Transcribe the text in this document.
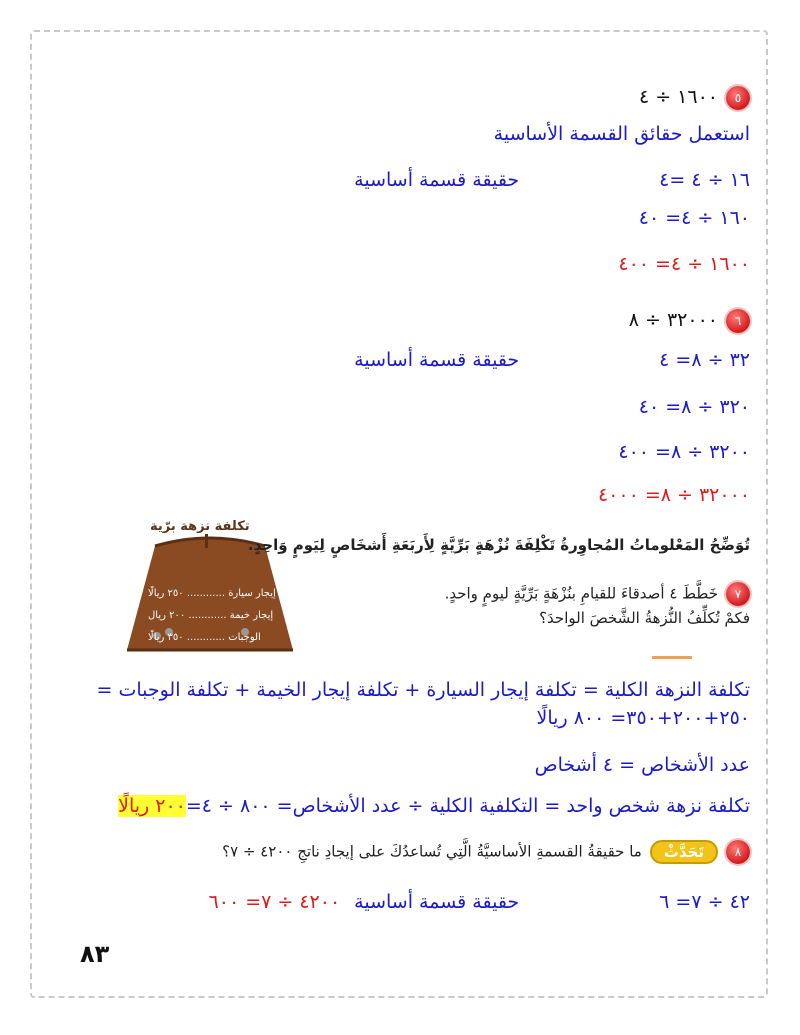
٥١٦٠٠ ÷ ٤
استعمل حقائق القسمة الأساسية
١٦ ÷ ٤ =٤حقيقة قسمة أساسية
١٦٠ ÷ ٤= ٤٠
١٦٠٠ ÷ ٤= ٤٠٠
٦٣٢٠٠٠ ÷ ٨
٣٢ ÷ ٨= ٤حقيقة قسمة أساسية
٣٢٠ ÷ ٨= ٤٠
٣٢٠٠ ÷ ٨= ٤٠٠
٣٢٠٠٠ ÷ ٨= ٤٠٠٠
تكلفة نزهة برّية
إيجار سيارة ............ ٢٥٠ ريالًا
إيجار خيمة ............ ٢٠٠ ريال
الوجبات ............ ٣٥٠ ريالًا
تُوَضِّحُ المَعْلوماتُ المُجاوِرةُ تَكْلِفَةَ نُزْهَةٍ بَرِّيَّةٍ لِأَربَعَةِ أَشخَاصٍ لِيَومٍ وَاحِدٍ.
٧خَطَّطَ ٤ أصدقاءَ للقيامِ بنُزْهَةٍ بَرِّيَّةٍ ليومٍ واحدٍ.
فكمْ تُكلِّفُ النُّزهةُ الشَّخصَ الواحدَ؟
تكلفة النزهة الكلية = تكلفة إيجار السيارة + تكلفة إيجار الخيمة + تكلفة الوجبات =
٢٥٠+٢٠٠+٣٥٠= ٨٠٠ ريالًا
عدد الأشخاص = ٤ أشخاص
تكلفة نزهة شخص واحد = التكلفية الكلية ÷ عدد الأشخاص= ٨٠٠ ÷ ٤=٢٠٠ ريالًا
٨تَحَدَّثْما حقيقةُ القسمةِ الأساسيَّةُ الَّتِي تُساعدُكَ على إيجادِ ناتجِ ٤٢٠٠ ÷ ٧؟
٤٢ ÷ ٧= ٦حقيقة قسمة أساسية٤٢٠٠ ÷ ٧= ٦٠٠
٨٣
